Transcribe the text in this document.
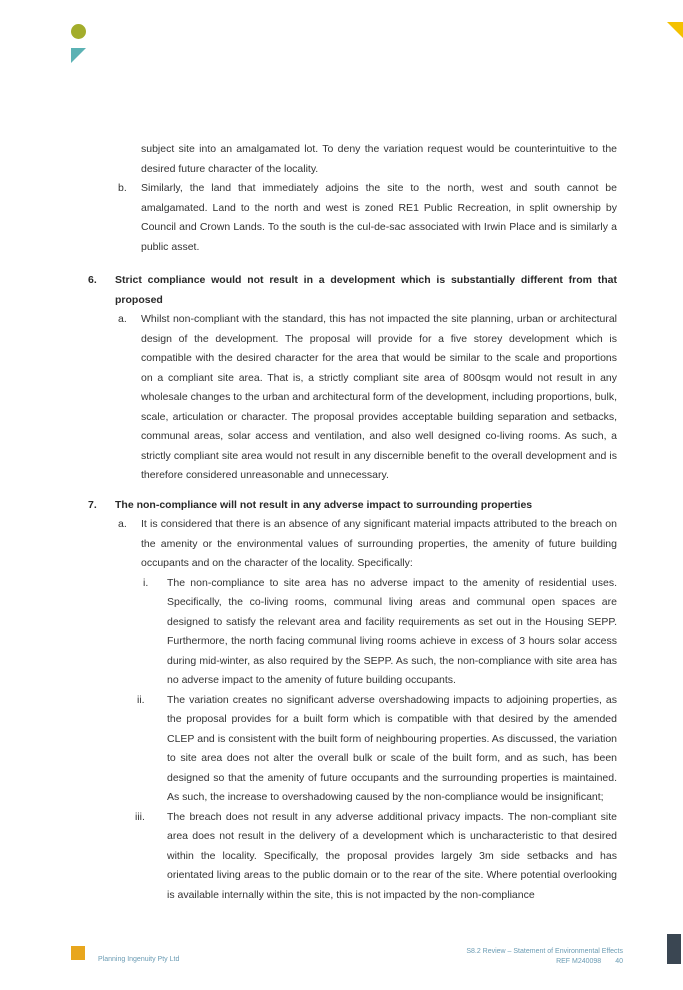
subject site into an amalgamated lot. To deny the variation request would be counterintuitive to the desired future character of the locality.

b. Similarly, the land that immediately adjoins the site to the north, west and south cannot be amalgamated. Land to the north and west is zoned RE1 Public Recreation, in split ownership by Council and Crown Lands. To the south is the cul-de-sac associated with Irwin Place and is similarly a public asset.

6. Strict compliance would not result in a development which is substantially different from that proposed

a. Whilst non-compliant with the standard, this has not impacted the site planning, urban or architectural design of the development. The proposal will provide for a five storey development which is compatible with the desired character for the area that would be similar to the scale and proportions on a compliant site area. That is, a strictly compliant site area of 800sqm would not result in any wholesale changes to the urban and architectural form of the development, including proportions, bulk, scale, articulation or character. The proposal provides acceptable building separation and setbacks, communal areas, solar access and ventilation, and also well designed co-living rooms. As such, a strictly compliant site area would not result in any discernible benefit to the overall development and is therefore considered unreasonable and unnecessary.

7. The non-compliance will not result in any adverse impact to surrounding properties

a. It is considered that there is an absence of any significant material impacts attributed to the breach on the amenity or the environmental values of surrounding properties, the amenity of future building occupants and on the character of the locality. Specifically:

i. The non-compliance to site area has no adverse impact to the amenity of residential uses. Specifically, the co-living rooms, communal living areas and communal open spaces are designed to satisfy the relevant area and facility requirements as set out in the Housing SEPP. Furthermore, the north facing communal living rooms achieve in excess of 3 hours solar access during mid-winter, as also required by the SEPP. As such, the non-compliance with site area has no adverse impact to the amenity of future building occupants.

ii. The variation creates no significant adverse overshadowing impacts to adjoining properties, as the proposal provides for a built form which is compatible with that desired by the amended CLEP and is consistent with the built form of neighbouring properties. As discussed, the variation to site area does not alter the overall bulk or scale of the built form, and as such, has been designed so that the amenity of future occupants and the surrounding properties is maintained. As such, the increase to overshadowing caused by the non-compliance would be insignificant;

iii. The breach does not result in any adverse additional privacy impacts. The non-compliant site area does not result in the delivery of a development which is uncharacteristic to that desired within the locality. Specifically, the proposal provides largely 3m side setbacks and has orientated living areas to the public domain or to the rear of the site. Where potential overlooking is available internally within the site, this is not impacted by the non-compliance

Planning Ingenuity Pty Ltd
S8.2 Review – Statement of Environmental Effects
REF M240098 40
